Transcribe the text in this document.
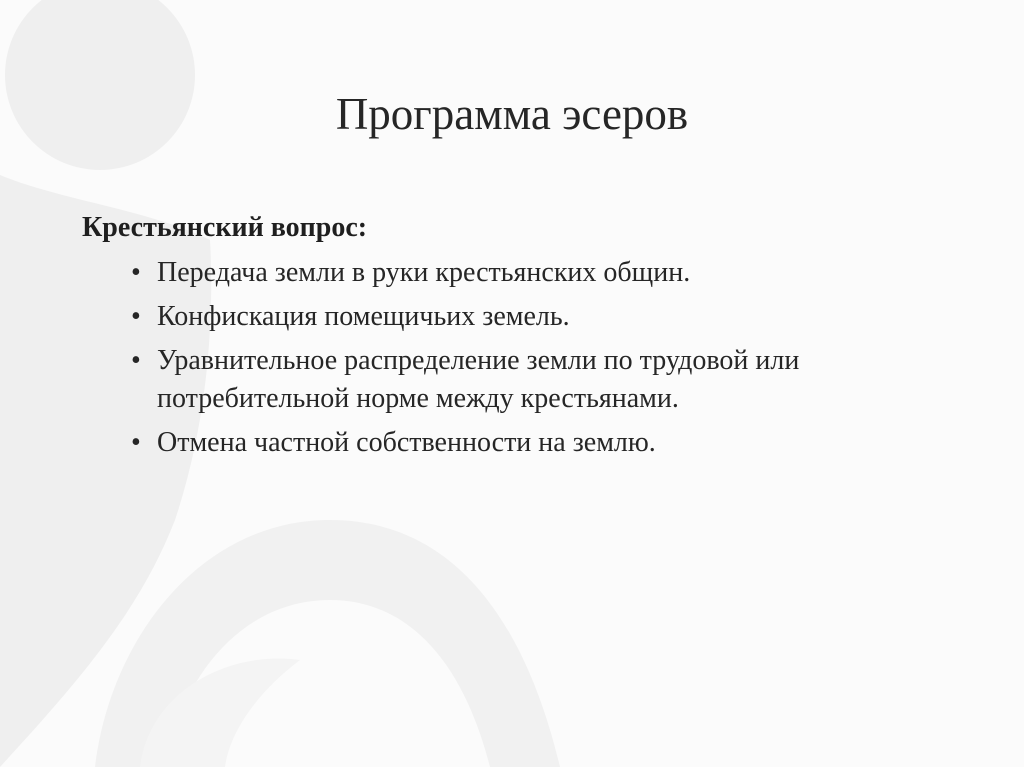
Программа эсеров
Крестьянский вопрос:
• Передача земли в руки крестьянских общин.
• Конфискация помещичьих земель.
• Уравнительное распределение земли по трудовой или потребительной норме между крестьянами.
• Отмена частной собственности на землю.
